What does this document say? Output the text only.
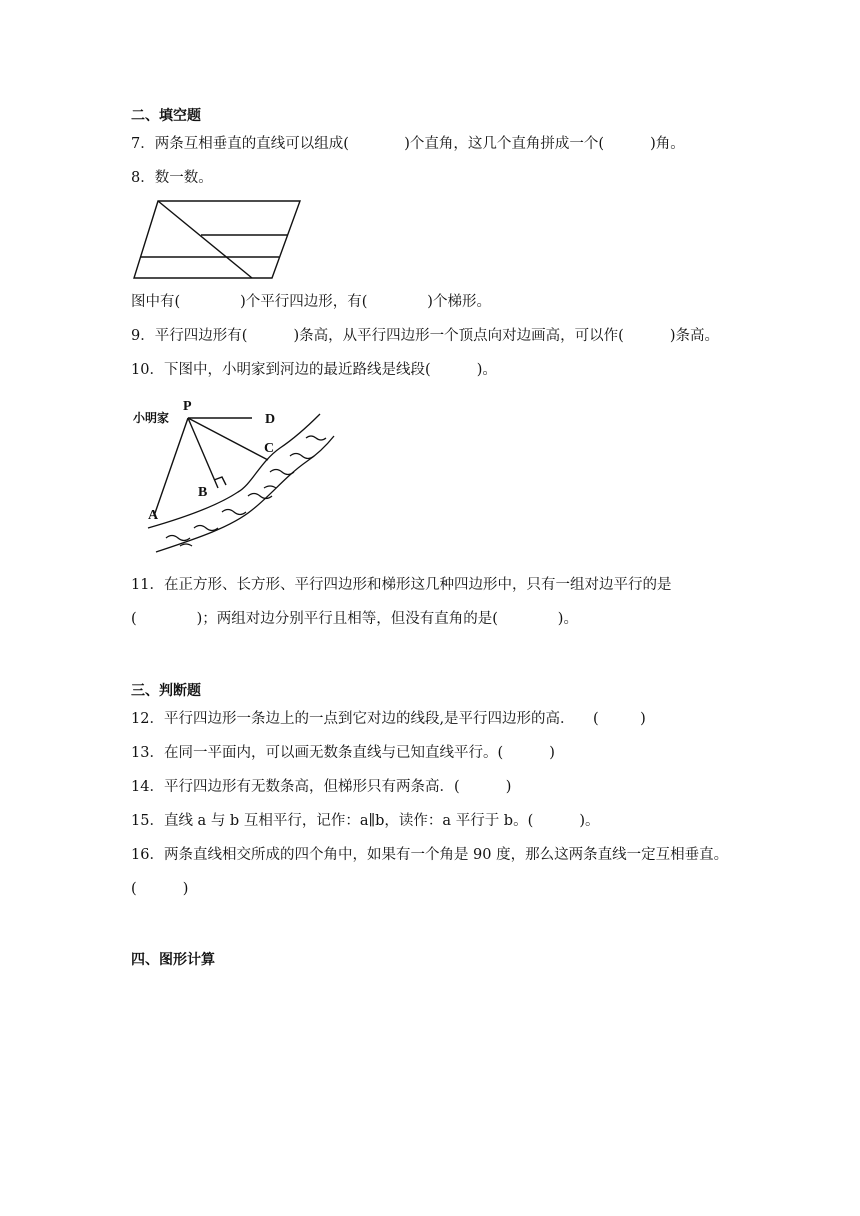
二、填空题
7．两条互相垂直的直线可以组成(            )个直角，这几个直角拼成一个(          )角。
8．数一数。
图中有(             )个平行四边形，有(             )个梯形。
9．平行四边形有(          )条高，从平行四边形一个顶点向对边画高，可以作(          )条高。
10．下图中，小明家到河边的最近路线是线段(          )。
小明家
P
D
C
B
A
11．在正方形、长方形、平行四边形和梯形这几种四边形中，只有一组对边平行的是
(             )；两组对边分别平行且相等，但没有直角的是(             )。
三、判断题
12．平行四边形一条边上的一点到它对边的线段,是平行四边形的高．    (         )
13．在同一平面内，可以画无数条直线与已知直线平行。(          )
14．平行四边形有无数条高，但梯形只有两条高．(          )
15．直线 a 与 b 互相平行，记作：a∥b，读作：a 平行于 b。(          )。
16．两条直线相交所成的四个角中，如果有一个角是 90 度，那么这两条直线一定互相垂直。
(          )
四、图形计算
